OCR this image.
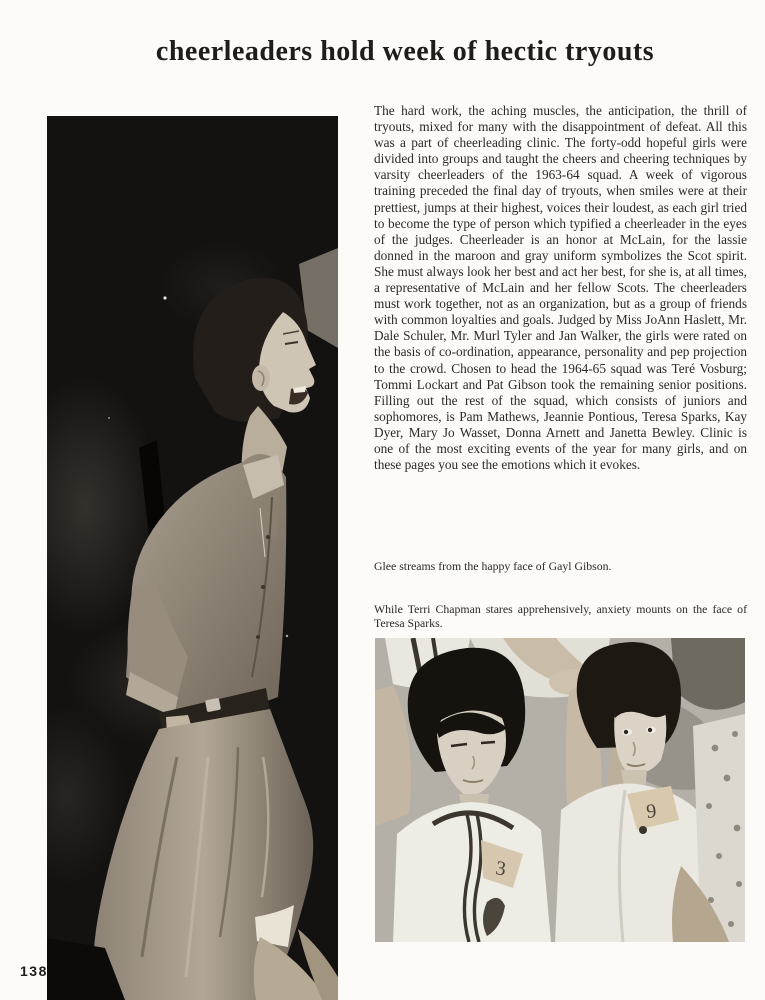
cheerleaders hold week of hectic tryouts

The hard work, the aching muscles, the anticipation, the thrill of tryouts, mixed for many with the disappointment of defeat. All this was a part of cheerleading clinic. The forty-odd hopeful girls were divided into groups and taught the cheers and cheering techniques by varsity cheerleaders of the 1963-64 squad. A week of vigorous training preceded the final day of tryouts, when smiles were at their prettiest, jumps at their highest, voices their loudest, as each girl tried to become the type of person which typified a cheerleader in the eyes of the judges. Cheerleader is an honor at McLain, for the lassie donned in the maroon and gray uniform symbolizes the Scot spirit. She must always look her best and act her best, for she is, at all times, a representative of McLain and her fellow Scots. The cheerleaders must work together, not as an organization, but as a group of friends with common loyalties and goals. Judged by Miss JoAnn Haslett, Mr. Dale Schuler, Mr. Murl Tyler and Jan Walker, the girls were rated on the basis of co-ordination, appearance, personality and pep projection to the crowd. Chosen to head the 1964-65 squad was Teré Vosburg; Tommi Lockart and Pat Gibson took the remaining senior positions. Filling out the rest of the squad, which consists of juniors and sophomores, is Pam Mathews, Jeannie Pontious, Teresa Sparks, Kay Dyer, Mary Jo Wasset, Donna Arnett and Janetta Bewley. Clinic is one of the most exciting events of the year for many girls, and on these pages you see the emotions which it evokes.

Glee streams from the happy face of Gayl Gibson.

While Terri Chapman stares apprehensively, anxiety mounts on the face of Teresa Sparks.

3
9
138
